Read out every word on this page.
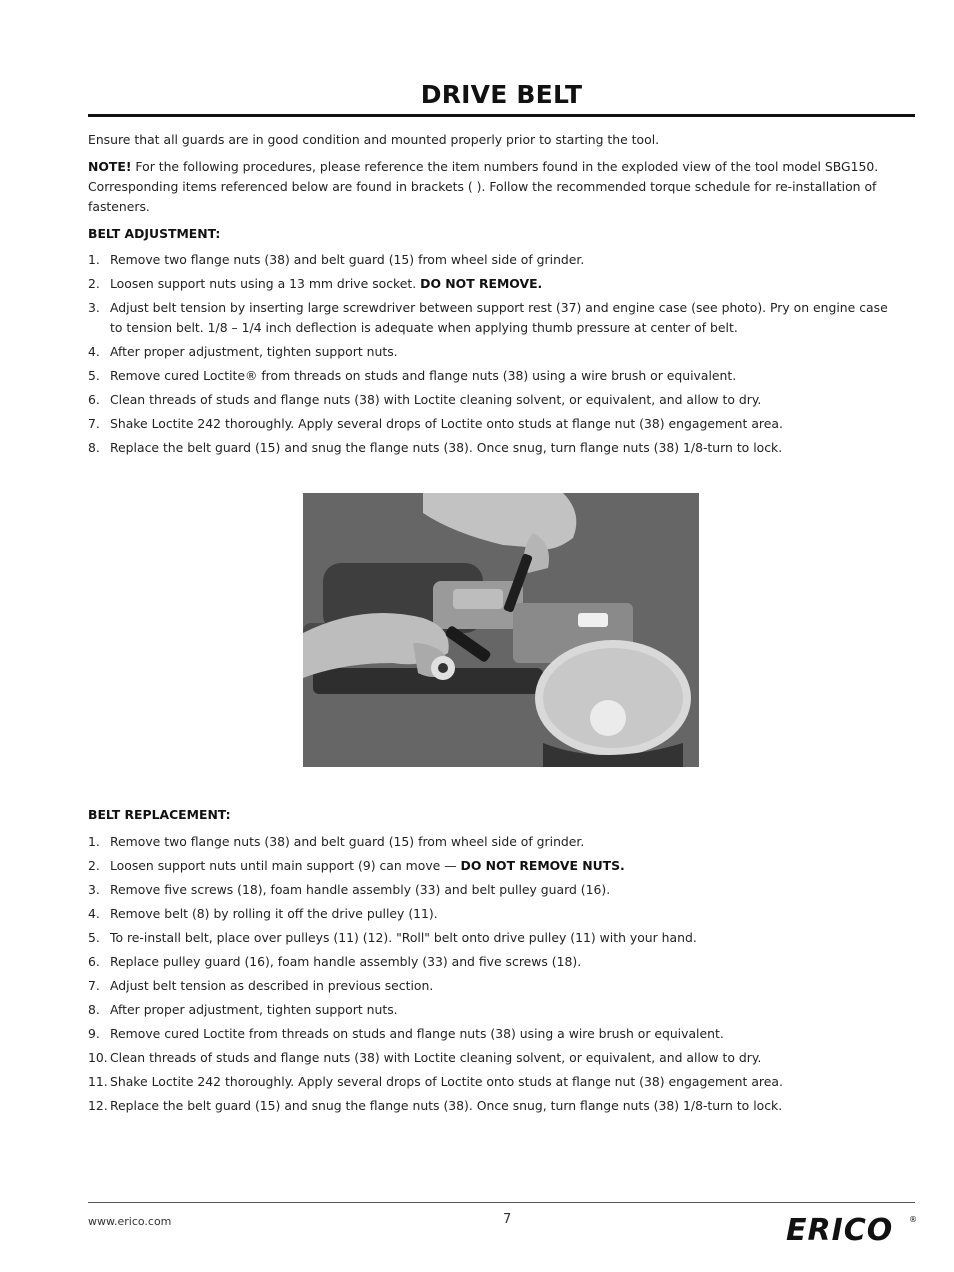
DRIVE BELT
Ensure that all guards are in good condition and mounted properly prior to starting the tool.
NOTE! For the following procedures, please reference the item numbers found in the exploded view of the tool model SBG150. Corresponding items referenced below are found in brackets ( ). Follow the recommended torque schedule for re-installation of fasteners.
BELT ADJUSTMENT:
1. Remove two flange nuts (38) and belt guard (15) from wheel side of grinder.
2. Loosen support nuts using a 13 mm drive socket. DO NOT REMOVE.
3. Adjust belt tension by inserting large screwdriver between support rest (37) and engine case (see photo). Pry on engine case to tension belt. 1/8 – 1/4 inch deflection is adequate when applying thumb pressure at center of belt.
4. After proper adjustment, tighten support nuts.
5. Remove cured Loctite® from threads on studs and flange nuts (38) using a wire brush or equivalent.
6. Clean threads of studs and flange nuts (38) with Loctite cleaning solvent, or equivalent, and allow to dry.
7. Shake Loctite 242 thoroughly. Apply several drops of Loctite onto studs at flange nut (38) engagement area.
8. Replace the belt guard (15) and snug the flange nuts (38). Once snug, turn flange nuts (38) 1/8-turn to lock.
BELT REPLACEMENT:
1. Remove two flange nuts (38) and belt guard (15) from wheel side of grinder.
2. Loosen support nuts until main support (9) can move — DO NOT REMOVE NUTS.
3. Remove five screws (18), foam handle assembly (33) and belt pulley guard (16).
4. Remove belt (8) by rolling it off the drive pulley (11).
5. To re-install belt, place over pulleys (11) (12). "Roll" belt onto drive pulley (11) with your hand.
6. Replace pulley guard (16), foam handle assembly (33) and five screws (18).
7. Adjust belt tension as described in previous section.
8. After proper adjustment, tighten support nuts.
9. Remove cured Loctite from threads on studs and flange nuts (38) using a wire brush or equivalent.
10. Clean threads of studs and flange nuts (38) with Loctite cleaning solvent, or equivalent, and allow to dry.
11. Shake Loctite 242 thoroughly. Apply several drops of Loctite onto studs at flange nut (38) engagement area.
12. Replace the belt guard (15) and snug the flange nuts (38). Once snug, turn flange nuts (38) 1/8-turn to lock.
www.erico.com	7	ERICO ®
